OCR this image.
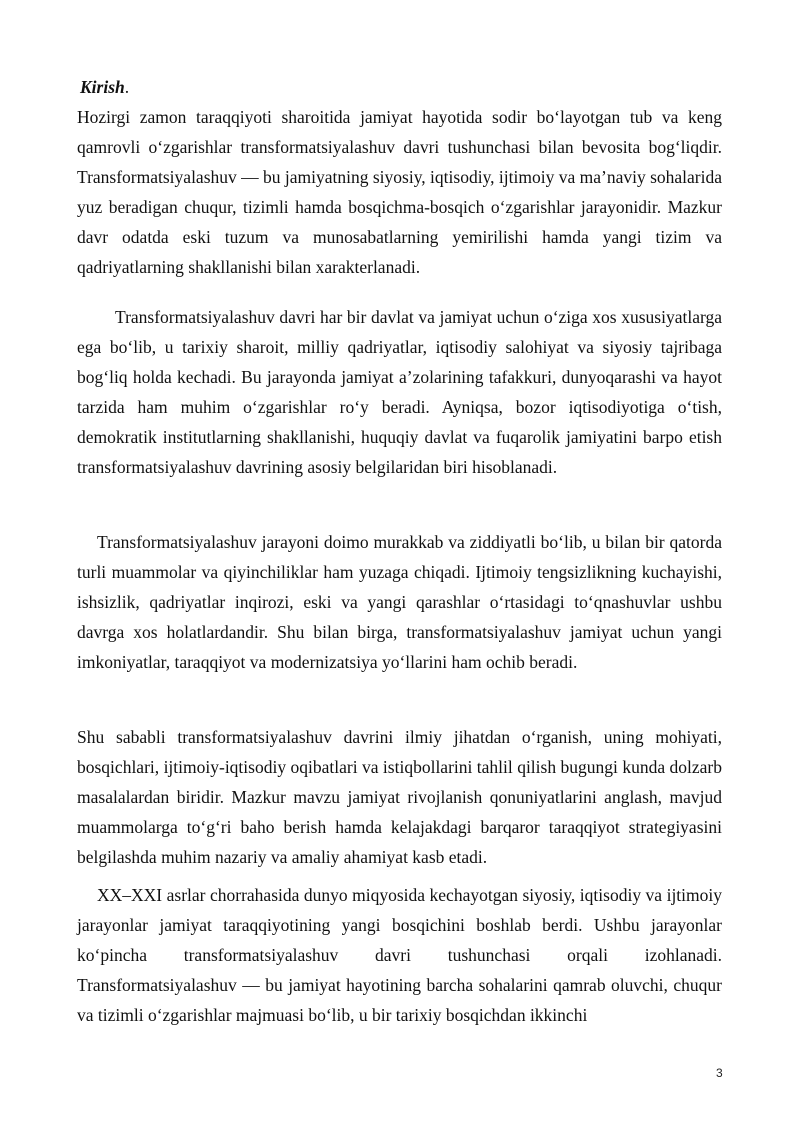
Kirish.

Hozirgi zamon taraqqiyoti sharoitida jamiyat hayotida sodir boʻlayotgan tub va keng qamrovli oʻzgarishlar transformatsiyalashuv davri tushunchasi bilan bevosita bogʻliqdir. Transformatsiyalashuv — bu jamiyatning siyosiy, iqtisodiy, ijtimoiy va maʼnaviy sohalarida yuz beradigan chuqur, tizimli hamda bosqichma-bosqich oʻzgarishlar jarayonidir. Mazkur davr odatda eski tuzum va munosabatlarning yemirilishi hamda yangi tizim va qadriyatlarning shakllanishi bilan xarakterlanadi.

Transformatsiyalashuv davri har bir davlat va jamiyat uchun oʻziga xos xususiyatlarga ega boʻlib, u tarixiy sharoit, milliy qadriyatlar, iqtisodiy salohiyat va siyosiy tajribaga bogʻliq holda kechadi. Bu jarayonda jamiyat aʼzolarining tafakkuri, dunyoqarashi va hayot tarzida ham muhim oʻzgarishlar roʻy beradi. Ayniqsa, bozor iqtisodiyotiga oʻtish, demokratik institutlarning shakllanishi, huquqiy davlat va fuqarolik jamiyatini barpo etish transformatsiyalashuv davrining asosiy belgilaridan biri hisoblanadi.

Transformatsiyalashuv jarayoni doimo murakkab va ziddiyatli boʻlib, u bilan bir qatorda turli muammolar va qiyinchiliklar ham yuzaga chiqadi. Ijtimoiy tengsizlikning kuchayishi, ishsizlik, qadriyatlar inqirozi, eski va yangi qarashlar oʻrtasidagi toʻqnashuvlar ushbu davrga xos holatlardandir. Shu bilan birga, transformatsiyalashuv jamiyat uchun yangi imkoniyatlar, taraqqiyot va modernizatsiya yoʻllarini ham ochib beradi.

Shu sababli transformatsiyalashuv davrini ilmiy jihatdan oʻrganish, uning mohiyati, bosqichlari, ijtimoiy-iqtisodiy oqibatlari va istiqbollarini tahlil qilish bugungi kunda dolzarb masalalardan biridir. Mazkur mavzu jamiyat rivojlanish qonuniyatlarini anglash, mavjud muammolarga toʻgʻri baho berish hamda kelajakdagi barqaror taraqqiyot strategiyasini belgilashda muhim nazariy va amaliy ahamiyat kasb etadi.

XX–XXI asrlar chorrahasida dunyo miqyosida kechayotgan siyosiy, iqtisodiy va ijtimoiy jarayonlar jamiyat taraqqiyotining yangi bosqichini boshlab berdi. Ushbu jarayonlar koʻpincha transformatsiyalashuv davri tushunchasi orqali izohlanadi. Transformatsiyalashuv — bu jamiyat hayotining barcha sohalarini qamrab oluvchi, chuqur va tizimli oʻzgarishlar majmuasi boʻlib, u bir tarixiy bosqichdan ikkinchi

3
